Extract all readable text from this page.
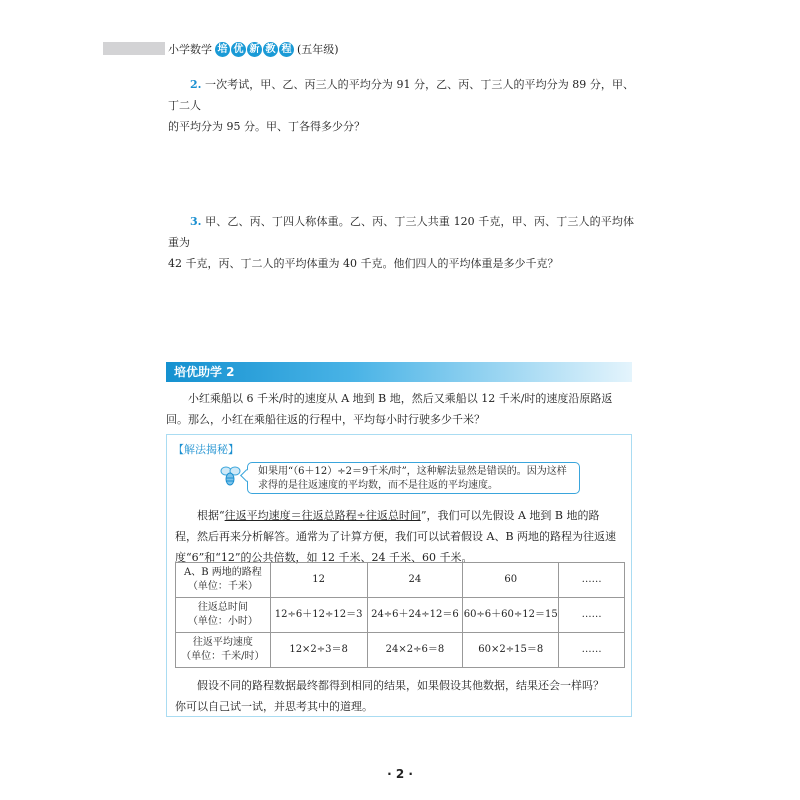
小学数学 培 优 新 教 程 (五年级)
2. 一次考试，甲、乙、丙三人的平均分为 91 分，乙、丙、丁三人的平均分为 89 分，甲、丁二人
的平均分为 95 分。甲、丁各得多少分？
3. 甲、乙、丙、丁四人称体重。乙、丙、丁三人共重 120 千克，甲、丙、丁三人的平均体重为
42 千克，丙、丁二人的平均体重为 40 千克。他们四人的平均体重是多少千克？
培优助学 2
小红乘船以 6 千米/时的速度从 A 地到 B 地，然后又乘船以 12 千米/时的速度沿原路返
回。那么，小红在乘船往返的行程中，平均每小时行驶多少千米？
【解法揭秘】
如果用“（6＋12）÷2＝9千米/时”，这种解法显然是错误的。因为这样
求得的是往返速度的平均数，而不是往返的平均速度。
根据“往返平均速度＝往返总路程÷往返总时间”，我们可以先假设 A 地到 B 地的路
程，然后再来分析解答。通常为了计算方便，我们可以试着假设 A、B 两地的路程为往返速
度“6”和“12”的公共倍数，如 12 千米、24 千米、60 千米。
A、B 两地的路程
（单位：千米）	12	24	60	……

往返总时间
（单位：小时）	12÷6＋12÷12＝3	24÷6＋24÷12＝6	60÷6＋60÷12＝15	……

往返平均速度
（单位：千米/时）	12×2÷3＝8	24×2÷6＝8	60×2÷15＝8	……
假设不同的路程数据最终都得到相同的结果，如果假设其他数据，结果还会一样吗？
你可以自己试一试，并思考其中的道理。
· 2 ·
